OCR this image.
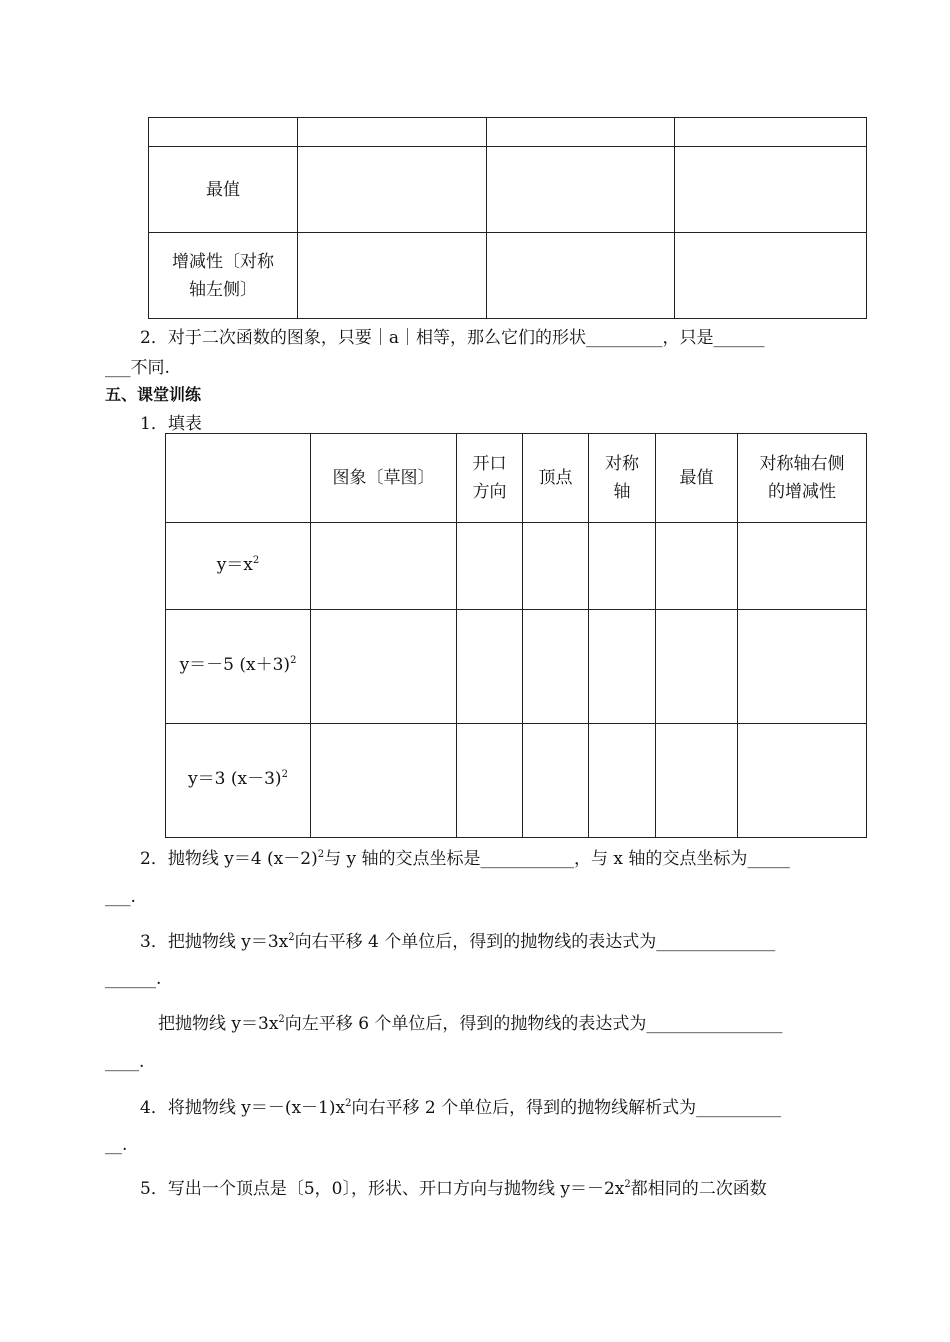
最值			
增减性〔对称轴左侧〕			
2．对于二次函数的图象，只要｜a｜相等，那么它们的形状_________，只是______
___不同.
五、课堂训练
1．填表
	图象〔草图〕	开口方向	顶点	对称轴	最值	对称轴右侧的增减性
$y=x^2$						
y＝－5 $(x+3)^2$						
y＝3 $(x-3)^2$						
2．抛物线 y＝4 $(x-2)^2$与 y 轴的交点坐标是___________，与 x 轴的交点坐标为_____
___.
3．把抛物线 $y=3x^2$向右平移 4 个单位后，得到的抛物线的表达式为______________
______.
把抛物线 $y=3x^2$向左平移 6 个单位后，得到的抛物线的表达式为________________
____.
4．将抛物线 $y=-(x-1)x^2$向右平移 2 个单位后，得到的抛物线解析式为__________
__.
5．写出一个顶点是〔5，0〕，形状、开口方向与抛物线 $y=-2x^2$都相同的二次函数
